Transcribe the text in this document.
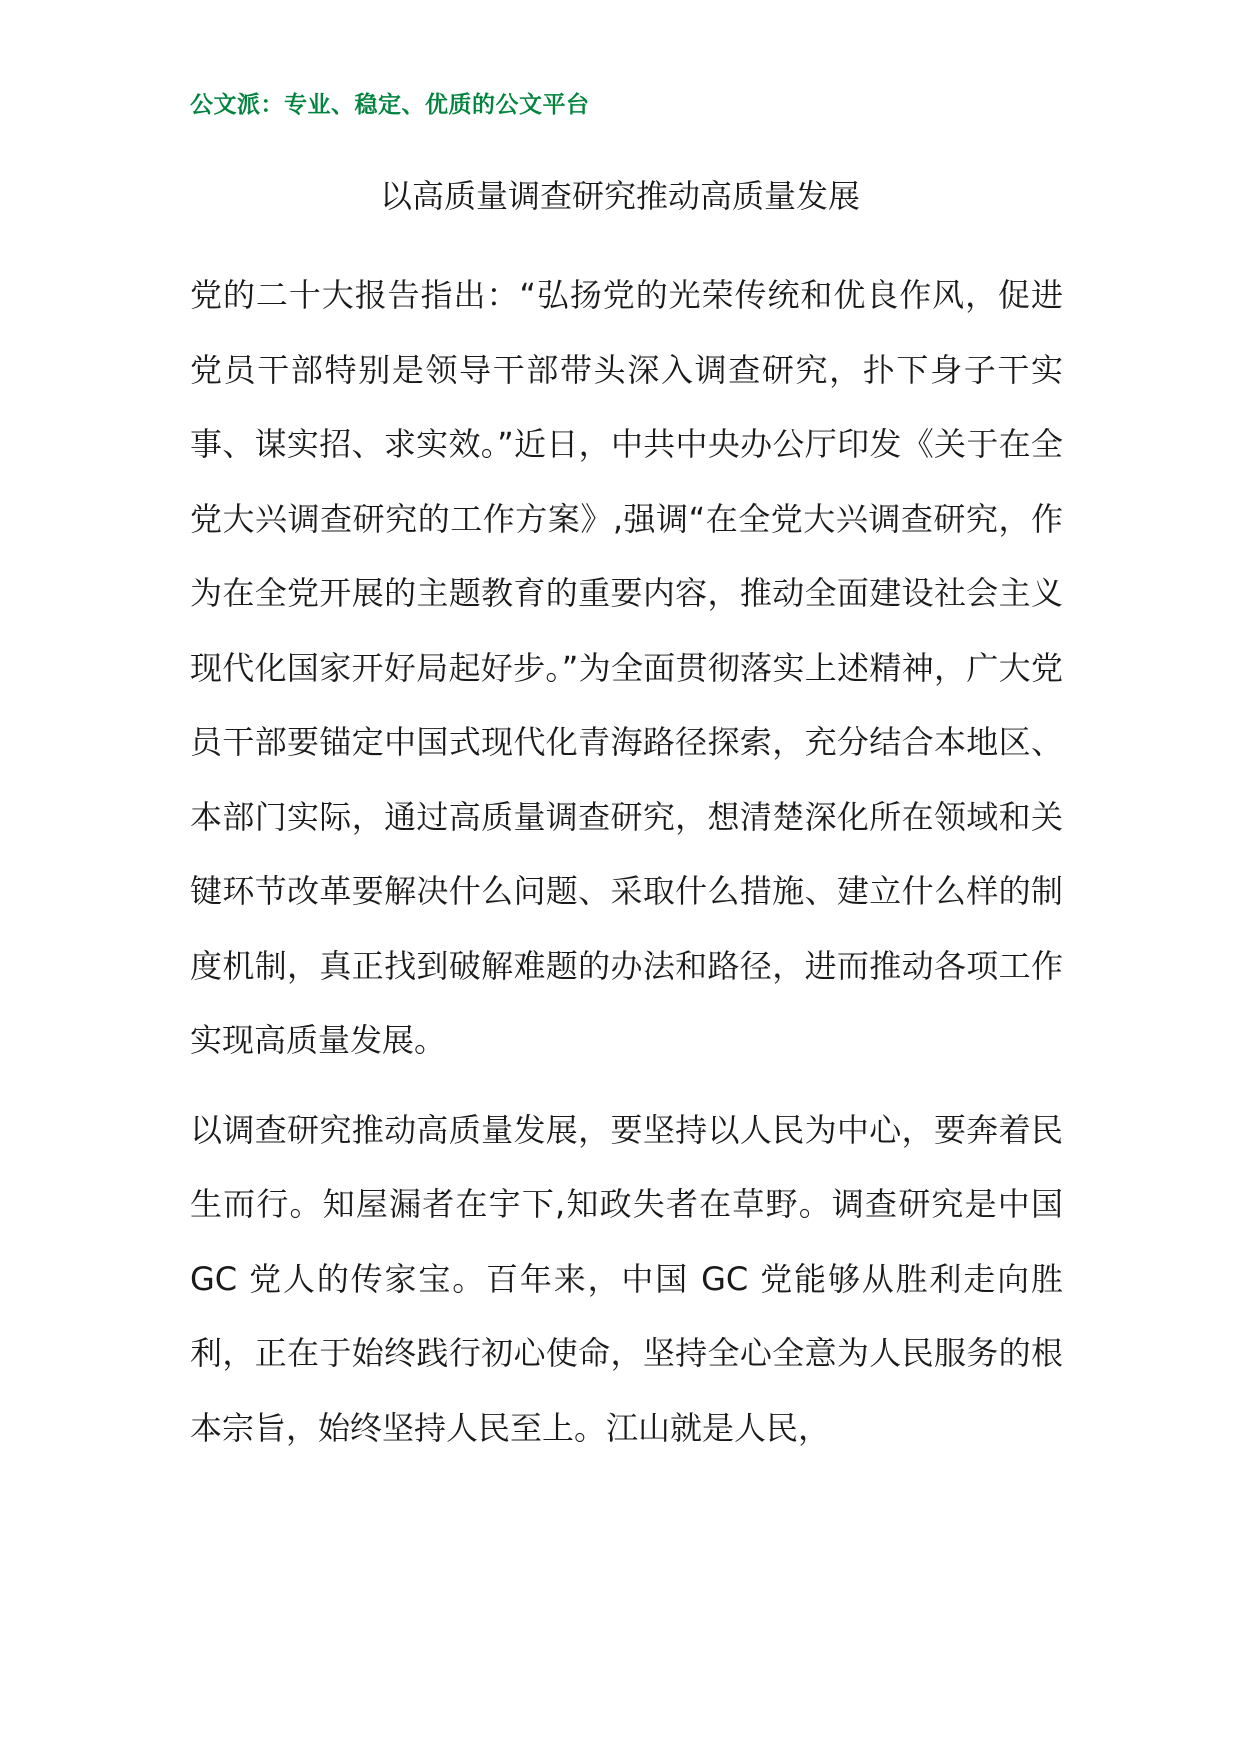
公文派：专业、稳定、优质的公文平台
以高质量调查研究推动高质量发展

党的二十大报告指出：“弘扬党的光荣传统和优良作风，促进党员干部特别是领导干部带头深入调查研究，扑下身子干实事、谋实招、求实效。”近日，中共中央办公厅印发《关于在全党大兴调查研究的工作方案》,强调“在全党大兴调查研究，作为在全党开展的主题教育的重要内容，推动全面建设社会主义现代化国家开好局起好步。”为全面贯彻落实上述精神，广大党员干部要锚定中国式现代化青海路径探索，充分结合本地区、本部门实际，通过高质量调查研究，想清楚深化所在领域和关键环节改革要解决什么问题、采取什么措施、建立什么样的制度机制，真正找到破解难题的办法和路径，进而推动各项工作实现高质量发展。

以调查研究推动高质量发展，要坚持以人民为中心，要奔着民生而行。知屋漏者在宇下,知政失者在草野。调查研究是中国 GC 党人的传家宝。百年来，中国 GC 党能够从胜利走向胜利，正在于始终践行初心使命，坚持全心全意为人民服务的根本宗旨，始终坚持人民至上。江山就是人民，
